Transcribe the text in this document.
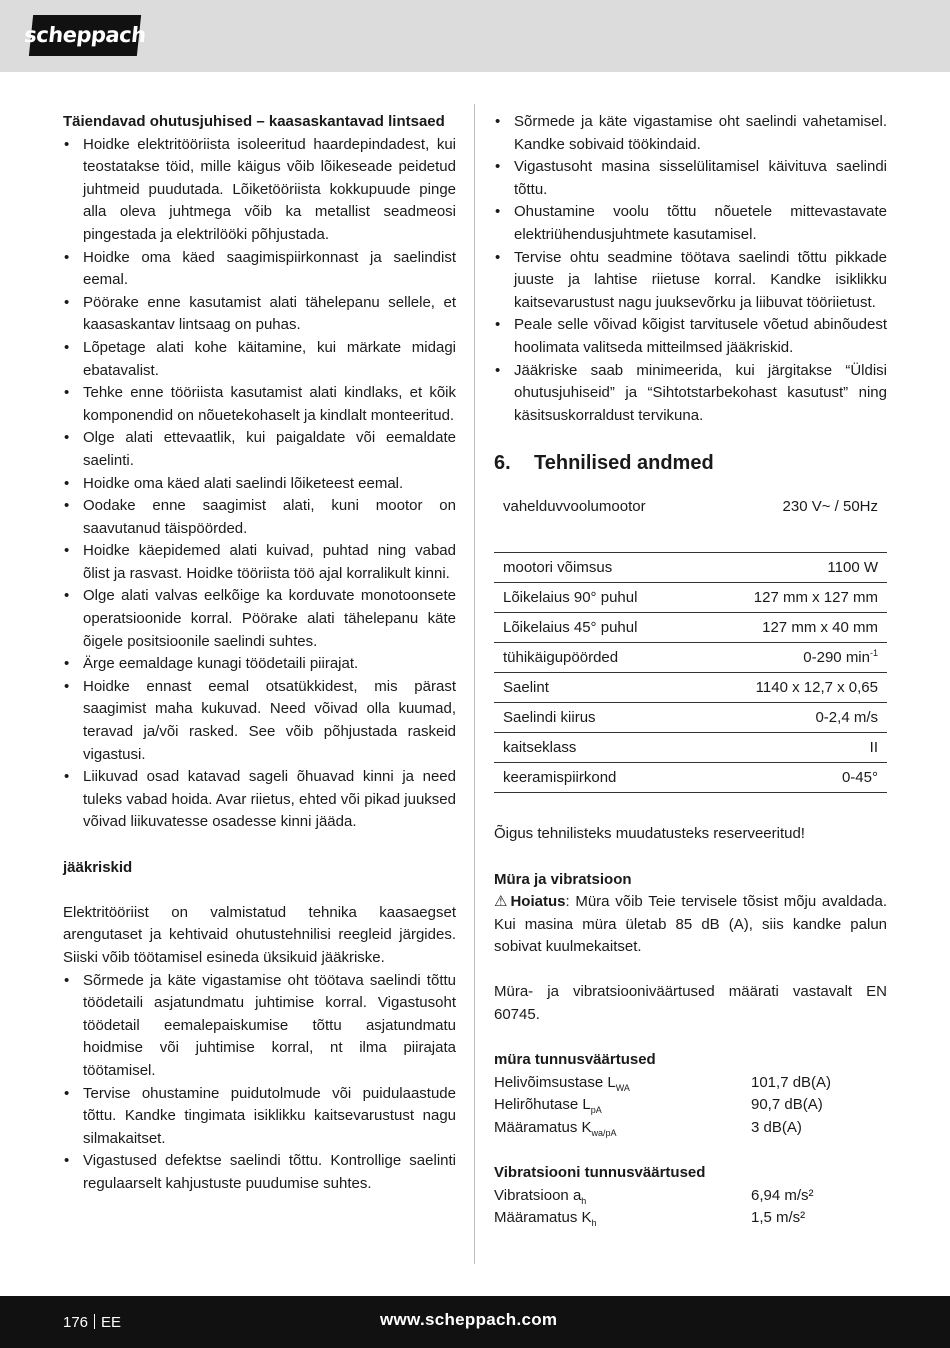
scheppach

Täiendavad ohutusjuhised – kaasaskantavad lintsaed

• Hoidke elektritööriista isoleeritud haardepindadest, kui teostatakse töid, mille käigus võib lõikeseade peidetud juhtmeid puudutada. Lõiketööriista kokkupuude pinge alla oleva juhtmega võib ka metallist seadmeosi pingestada ja elektrilööki põhjustada.
• Hoidke oma käed saagimispiirkonnast ja saelindist eemal.
• Pöörake enne kasutamist alati tähelepanu sellele, et kaasaskantav lintsaag on puhas.
• Lõpetage alati kohe käitamine, kui märkate midagi ebatavalist.
• Tehke enne tööriista kasutamist alati kindlaks, et kõik komponendid on nõuetekohaselt ja kindlalt monteeritud.
• Olge alati ettevaatlik, kui paigaldate või eemaldate saelinti.
• Hoidke oma käed alati saelindi lõiketeest eemal.
• Oodake enne saagimist alati, kuni mootor on saavutanud täispöörded.
• Hoidke käepidemed alati kuivad, puhtad ning vabad õlist ja rasvast. Hoidke tööriista töö ajal korralikult kinni.
• Olge alati valvas eelkõige ka korduvate monotoonsete operatsioonide korral. Pöörake alati tähelepanu käte õigele positsioonile saelindi suhtes.
• Ärge eemaldage kunagi töödetaili piirajat.
• Hoidke ennast eemal otsatükkidest, mis pärast saagimist maha kukuvad. Need võivad olla kuumad, teravad ja/või rasked. See võib põhjustada raskeid vigastusi.
• Liikuvad osad katavad sageli õhuavad kinni ja need tuleks vabad hoida. Avar riietus, ehted või pikad juuksed võivad liikuvatesse osadesse kinni jääda.

jääkriskid

Elektritööriist on valmistatud tehnika kaasaegset arengutaset ja kehtivaid ohutustehnilisi reegleid järgides. Siiski võib töötamisel esineda üksikuid jääkriske.

• Sõrmede ja käte vigastamise oht töötava saelindi tõttu töödetaili asjatundmatu juhtimise korral. Vigastusoht töödetail eemalepaiskumise tõttu asjatundmatu hoidmise või juhtimise korral, nt ilma piirajata töötamisel.
• Tervise ohustamine puidutolmude või puidulaastude tõttu. Kandke tingimata isiklikku kaitsevarustust nagu silmakaitset.
• Vigastused defektse saelindi tõttu. Kontrollige saelinti regulaarselt kahjustuste puudumise suhtes.
• Sõrmede ja käte vigastamise oht saelindi vahetamisel. Kandke sobivaid töökindaid.
• Vigastusoht masina sisselülitamisel käivituva saelindi tõttu.
• Ohustamine voolu tõttu nõuetele mittevastavate elektriühendusjuhtmete kasutamisel.
• Tervise ohtu seadmine töötava saelindi tõttu pikkade juuste ja lahtise riietuse korral. Kandke isiklikku kaitsevarustust nagu juuksevõrku ja liibuvat tööriietust.
• Peale selle võivad kõigist tarvitusele võetud abinõudest hoolimata valitseda mitteilmsed jääkriskid.
• Jääkriske saab minimeerida, kui järgitakse “Üldisi ohutusjuhiseid” ja “Sihtotstarbekohast kasutust” ning käsitsuskorraldust tervikuna.
6. Tehnilised andmed
vahelduvvoolumootor	230 V~ / 50Hz
mootori võimsus	1100 W
Lõikelaius 90° puhul	127 mm x 127 mm
Lõikelaius 45° puhul	127 mm x 40 mm
tühikäigupöörded	0-290 $\min^{-1}$
Saelint	1140 x 12,7 x 0,65
Saelindi kiirus	0-2,4 m/s
kaitseklass	II
keeramispiirkond	0-45°

Õigus tehnilisteks muudatusteks reserveeritud!

Müra ja vibratsioon

⚠ Hoiatus: Müra võib Teie tervisele tõsist mõju avaldada. Kui masina müra ületab 85 dB (A), siis kandke palun sobivat kuulmekaitset.

Müra- ja vibratsiooniväärtused määrati vastavalt EN 60745.

müra tunnusväärtused

Helivõimsustase $L_{WA}$	101,7 dB(A)
Helirõhutase $L_{pA}$	90,7 dB(A)
Määramatus $K_{wa/pA}$	3 dB(A)

Vibratsiooni tunnusväärtused

Vibratsioon $a_h$	6,94 m/s²
Määramatus $K_h$	1,5 m/s²
176 EE	www.scheppach.com
